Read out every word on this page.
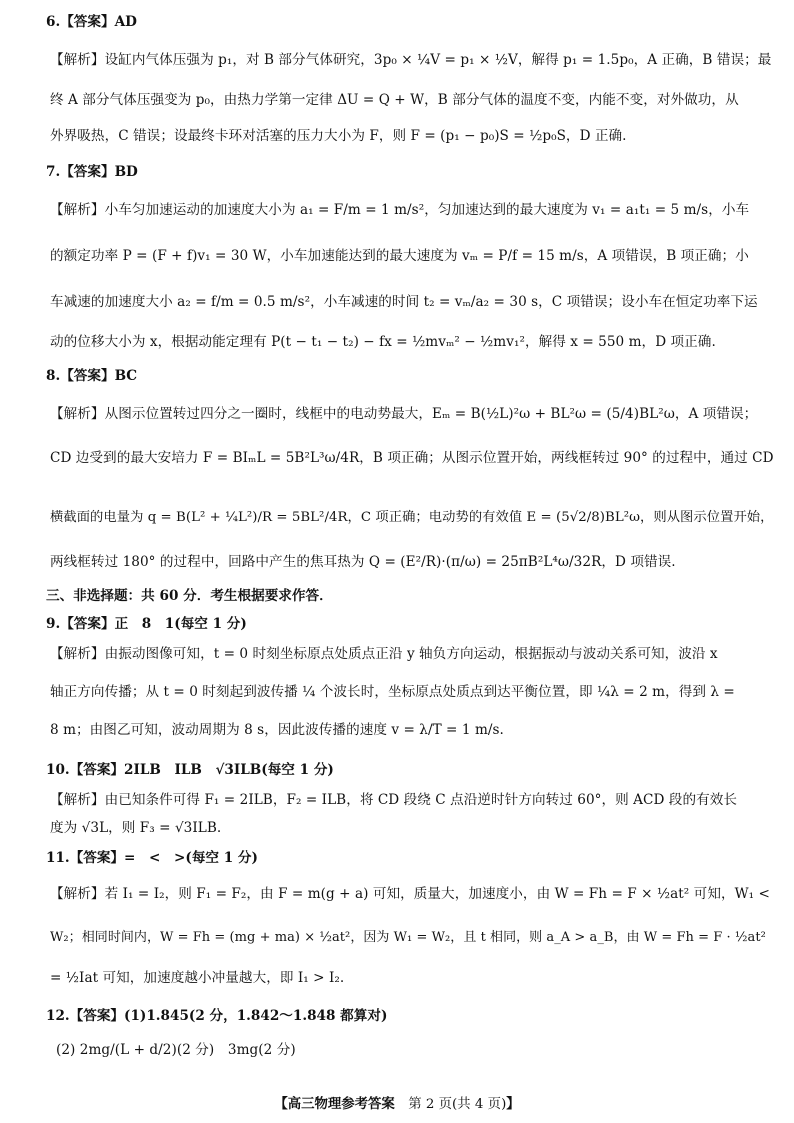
6.【答案】AD
【解析】设缸内气体压强为 p₁，对 B 部分气体研究，3p₀ × ¼V = p₁ × ½V，解得 p₁ = 1.5p₀，A 正确，B 错误；最
终 A 部分气体压强变为 p₀，由热力学第一定律 ΔU = Q + W，B 部分气体的温度不变，内能不变，对外做功，从
外界吸热，C 错误；设最终卡环对活塞的压力大小为 F，则 F = (p₁ − p₀)S = ½p₀S，D 正确.
7.【答案】BD
【解析】小车匀加速运动的加速度大小为 a₁ = F/m = 1 m/s²，匀加速达到的最大速度为 v₁ = a₁t₁ = 5 m/s，小车
的额定功率 P = (F + f)v₁ = 30 W，小车加速能达到的最大速度为 vₘ = P/f = 15 m/s，A 项错误，B 项正确；小
车减速的加速度大小 a₂ = f/m = 0.5 m/s²，小车减速的时间 t₂ = vₘ/a₂ = 30 s，C 项错误；设小车在恒定功率下运
动的位移大小为 x，根据动能定理有 P(t − t₁ − t₂) − fx = ½mvₘ² − ½mv₁²，解得 x = 550 m，D 项正确.
8.【答案】BC
【解析】从图示位置转过四分之一圈时，线框中的电动势最大，Eₘ = B(½L)²ω + BL²ω = (5/4)BL²ω，A 项错误；
CD 边受到的最大安培力 F = BIₘL = 5B²L³ω/4R，B 项正确；从图示位置开始，两线框转过 90° 的过程中，通过 CD
横截面的电量为 q = B(L² + ¼L²)/R = 5BL²/4R，C 项正确；电动势的有效值 E = (5√2/8)BL²ω，则从图示位置开始，
两线框转过 180° 的过程中，回路中产生的焦耳热为 Q = (E²/R)·(π/ω) = 25πB²L⁴ω/32R，D 项错误.
三、非选择题：共 60 分．考生根据要求作答．
9.【答案】正　8　1(每空 1 分)
【解析】由振动图像可知，t = 0 时刻坐标原点处质点正沿 y 轴负方向运动，根据振动与波动关系可知，波沿 x
轴正方向传播；从 t = 0 时刻起到波传播 ¼ 个波长时，坐标原点处质点到达平衡位置，即 ¼λ = 2 m，得到 λ =
8 m；由图乙可知，波动周期为 8 s，因此波传播的速度 v = λ/T = 1 m/s.
10.【答案】2ILB　ILB　√3ILB(每空 1 分)
【解析】由已知条件可得 F₁ = 2ILB，F₂ = ILB，将 CD 段绕 C 点沿逆时针方向转过 60°，则 ACD 段的有效长
度为 √3L，则 F₃ = √3ILB.
11.【答案】=　<　>(每空 1 分)
【解析】若 I₁ = I₂，则 F₁ = F₂，由 F = m(g + a) 可知，质量大，加速度小，由 W = Fh = F × ½at² 可知，W₁ <
W₂；相同时间内，W = Fh = (mg + ma) × ½at²，因为 W₁ = W₂，且 t 相同，则 a_A > a_B，由 W = Fh = F · ½at²
= ½Iat 可知，加速度越小冲量越大，即 I₁ > I₂.
12.【答案】(1)1.845(2 分，1.842～1.848 都算对)
(2) 2mg/(L + d/2)(2 分)　3mg(2 分)
【高三物理参考答案　 第 2 页(共 4 页)】
